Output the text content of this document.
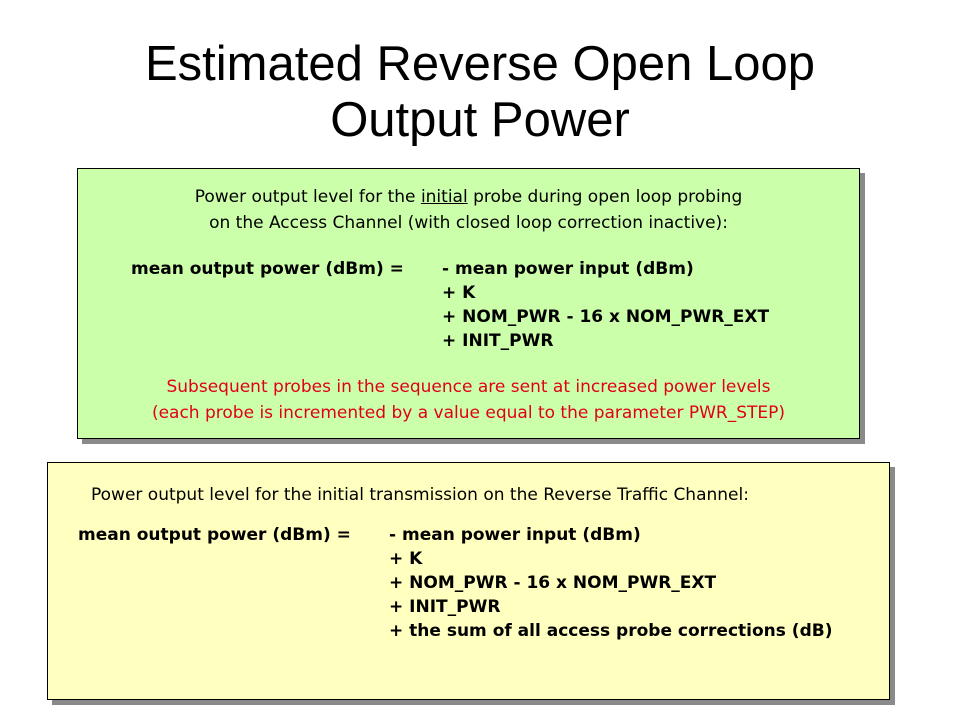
Estimated Reverse Open Loop
Output Power
Power output level for the initial probe during open loop probing
on the Access Channel (with closed loop correction inactive):
mean output power (dBm) = - mean power input (dBm)
+ K
+ NOM_PWR - 16 x NOM_PWR_EXT
+ INIT_PWR
Subsequent probes in the sequence are sent at increased power levels
(each probe is incremented by a value equal to the parameter PWR_STEP)
Power output level for the initial transmission on the Reverse Traffic Channel:
mean output power (dBm) = - mean power input (dBm)
+ K
+ NOM_PWR - 16 x NOM_PWR_EXT
+ INIT_PWR
+ the sum of all access probe corrections (dB)
